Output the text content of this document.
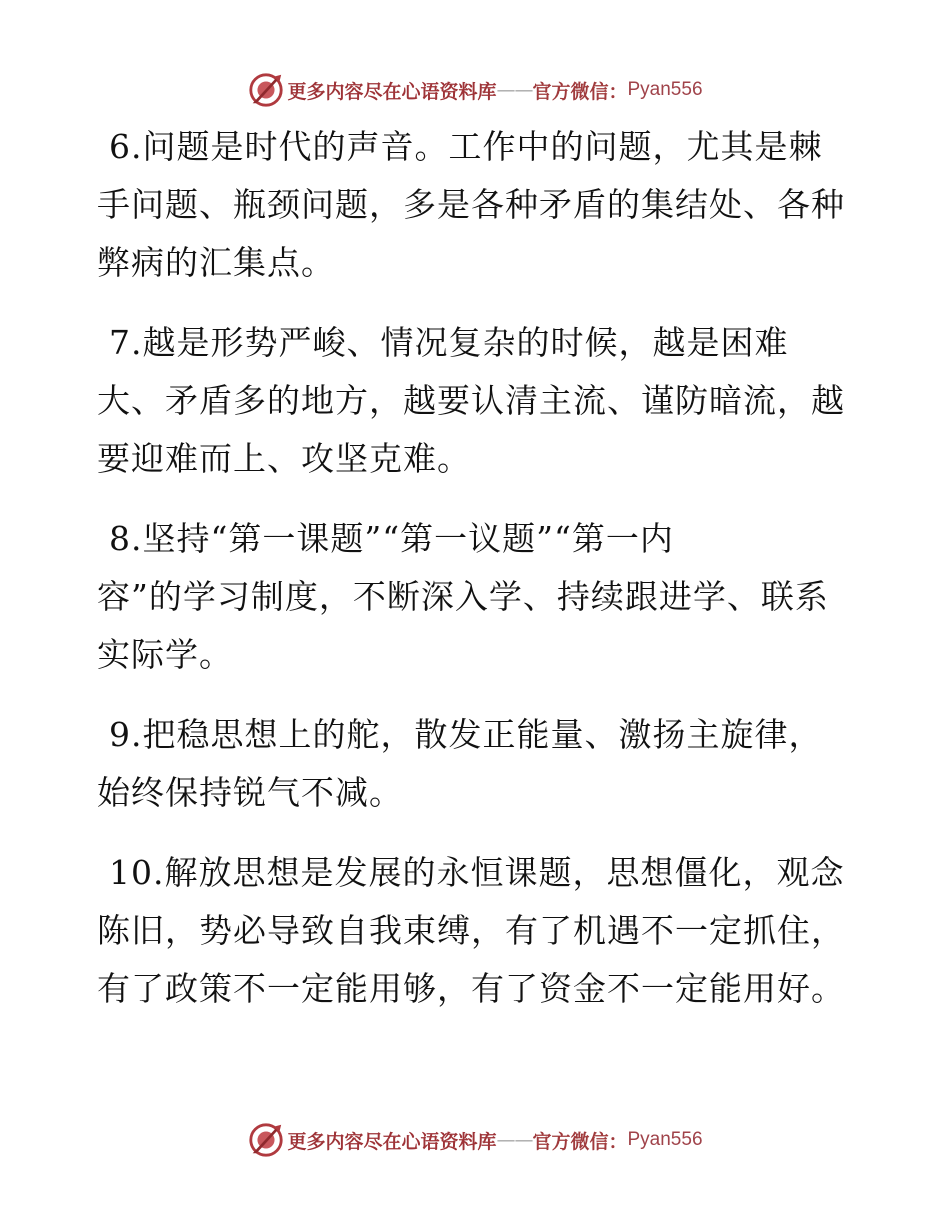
更多内容尽在心语资料库 —— 官方微信： Pyan556

6.问题是时代的声音。工作中的问题，尤其是棘
手问题、瓶颈问题，多是各种矛盾的集结处、各种
弊病的汇集点。

7.越是形势严峻、情况复杂的时候，越是困难
大、矛盾多的地方，越要认清主流、谨防暗流，越
要迎难而上、攻坚克难。

8.坚持“第一课题”“第一议题”“第一内
容”的学习制度，不断深入学、持续跟进学、联系
实际学。

9.把稳思想上的舵，散发正能量、激扬主旋律，
始终保持锐气不减。

10.解放思想是发展的永恒课题，思想僵化，观念
陈旧，势必导致自我束缚，有了机遇不一定抓住，
有了政策不一定能用够，有了资金不一定能用好。

更多内容尽在心语资料库 —— 官方微信： Pyan556
